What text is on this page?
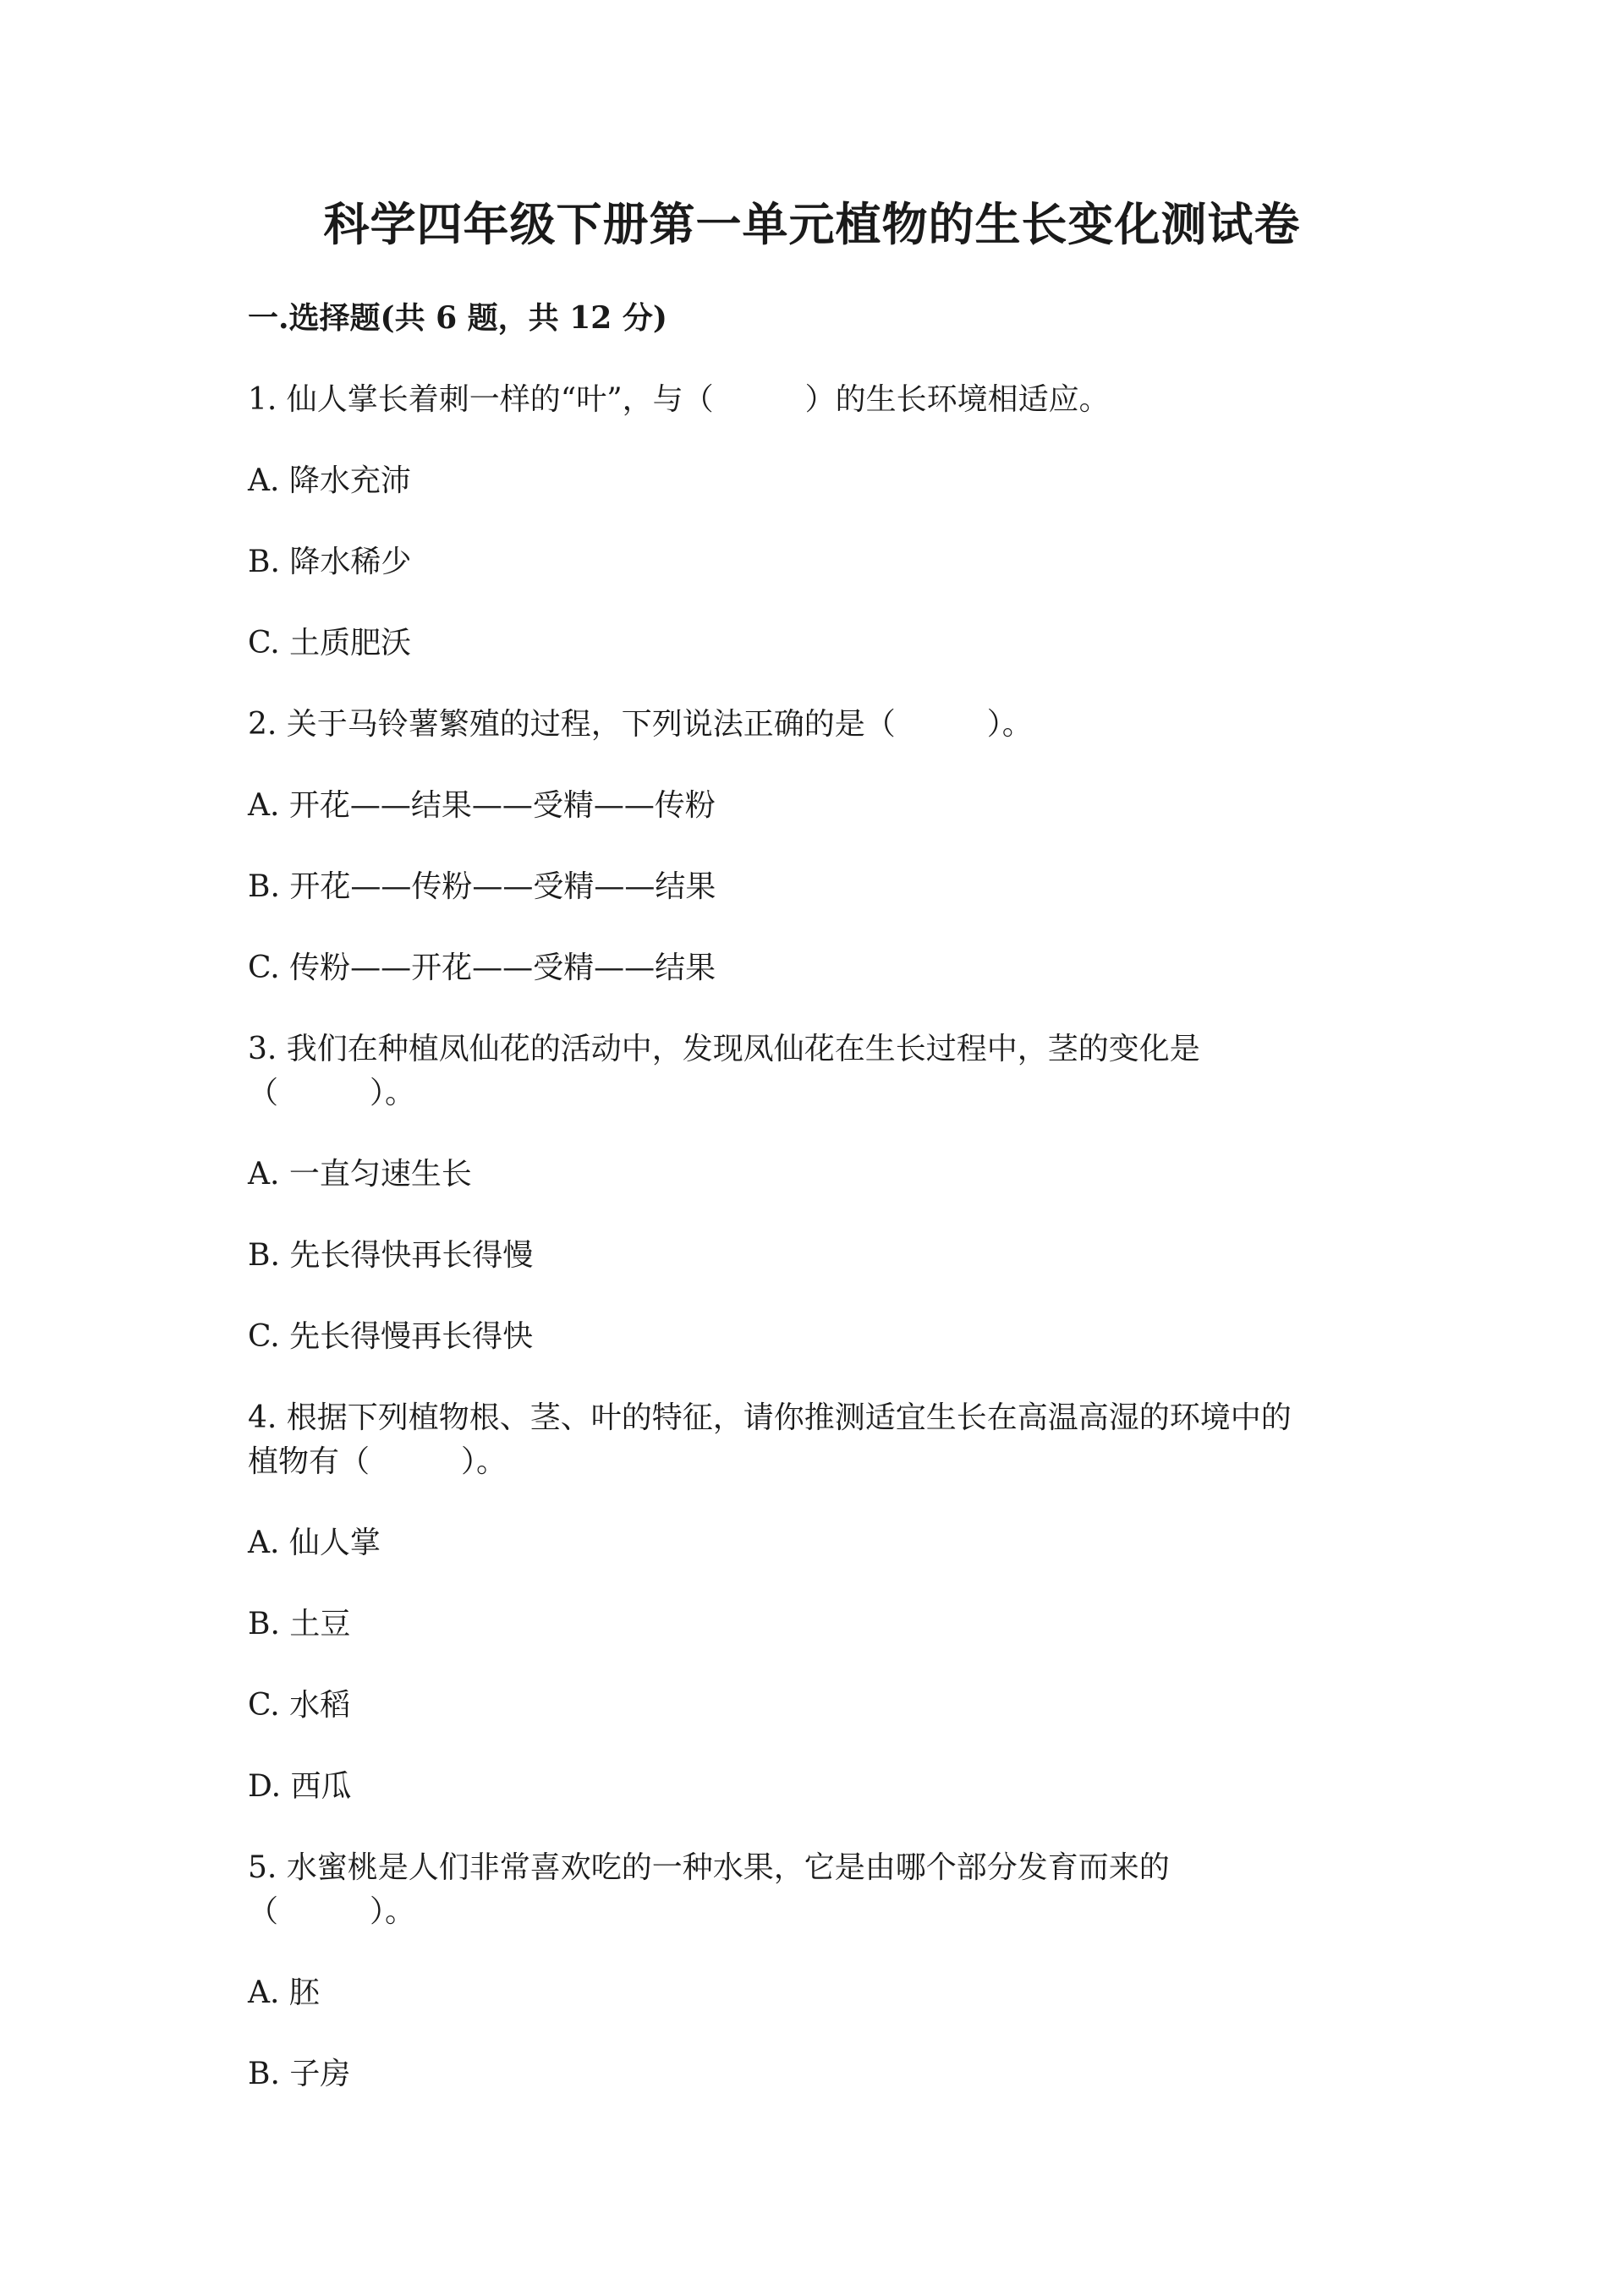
科学四年级下册第一单元植物的生长变化测试卷
一.选择题(共 6 题，共 12 分)
1. 仙人掌长着刺一样的“叶”，与（　　　）的生长环境相适应。
A. 降水充沛
B. 降水稀少
C. 土质肥沃
2. 关于马铃薯繁殖的过程，下列说法正确的是（　　　）。
A. 开花——结果——受精——传粉
B. 开花——传粉——受精——结果
C. 传粉——开花——受精——结果
3. 我们在种植凤仙花的活动中，发现凤仙花在生长过程中，茎的变化是
（　　　）。
A. 一直匀速生长
B. 先长得快再长得慢
C. 先长得慢再长得快
4. 根据下列植物根、茎、叶的特征，请你推测适宜生长在高温高湿的环境中的
植物有（　　　）。
A. 仙人掌
B. 土豆
C. 水稻
D. 西瓜
5. 水蜜桃是人们非常喜欢吃的一种水果，它是由哪个部分发育而来的
（　　　）。
A. 胚
B. 子房
